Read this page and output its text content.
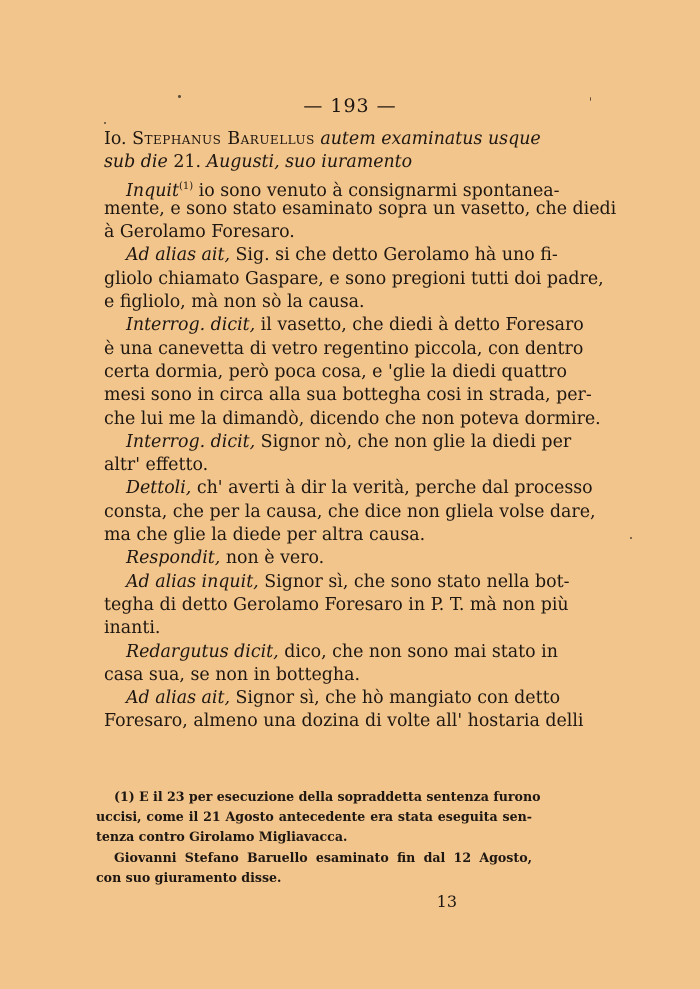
— 193 —
Io. Stephanus Baruellus autem examinatus usque
sub die 21. Augusti, suo iuramento
Inquit$^{(1)}$ io sono venuto à consignarmi spontanea-
mente, e sono stato esaminato sopra un vasetto, che diedi
à Gerolamo Foresaro.
Ad alias ait, Sig. si che detto Gerolamo hà uno fi-
gliolo chiamato Gaspare, e sono pregioni tutti doi padre,
e figliolo, mà non sò la causa.
Interrog. dicit, il vasetto, che diedi à detto Foresaro
è una canevetta di vetro regentino piccola, con dentro
certa dormia, però poca cosa, e 'glie la diedi quattro
mesi sono in circa alla sua bottegha cosi in strada, per-
che lui me la dimandò, dicendo che non poteva dormire.
Interrog. dicit, Signor nò, che non glie la diedi per
altr' effetto.
Dettoli, ch' averti à dir la verità, perche dal processo
consta, che per la causa, che dice non gliela volse dare,
ma che glie la diede per altra causa.
Respondit, non è vero.
Ad alias inquit, Signor sì, che sono stato nella bot-
tegha di detto Gerolamo Foresaro in P. T. mà non più
inanti.
Redargutus dicit, dico, che non sono mai stato in
casa sua, se non in bottegha.
Ad alias ait, Signor sì, che hò mangiato con detto
Foresaro, almeno una dozina di volte all' hostaria delli
(1) E il 23 per esecuzione della sopraddetta sentenza furono
uccisi, come il 21 Agosto antecedente era stata eseguita sen-
tenza contro Girolamo Migliavacca.
Giovanni Stefano Baruello esaminato fin dal 12 Agosto,
con suo giuramento disse.
13
